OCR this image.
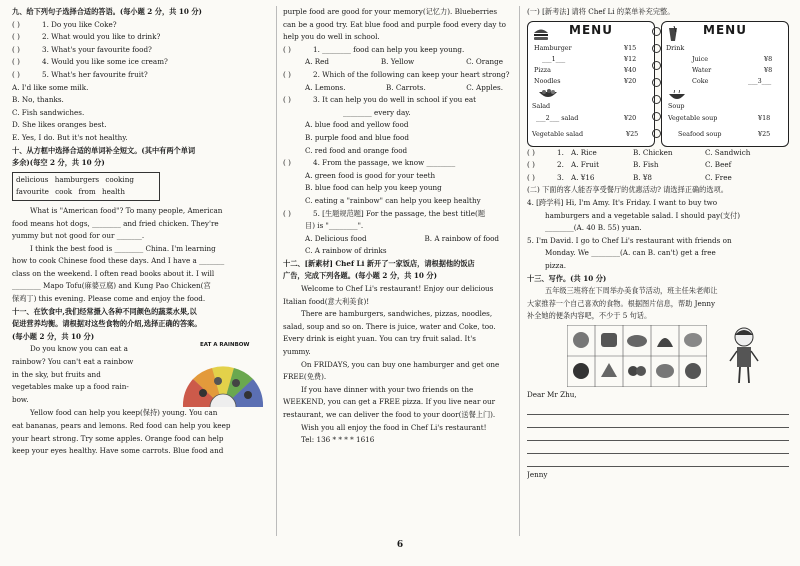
九、给下列句子选择合适的答语。(每小题 2 分，共 10 分)
( )	1. Do you like Coke?
( )	2. What would you like to drink?
( )	3. What's your favourite food?
( )	4. Would you like some ice cream?
( )	5. What's her favourite fruit?
A. I'd like some milk.
B. No, thanks.
C. Fish sandwiches.
D. She likes oranges best.
E. Yes, I do. But it's not healthy.
十、从方框中选择合适的单词补全短文。(其中有两个单词
多余)(每空 2 分，共 10 分)
delicious hamburgers cooking
favourite cook from health
What is "American food"? To many people, American
food means hot dogs, ________ and fried chicken. They're
yummy but not good for our _______.
I think the best food is ________ China. I'm learning
how to cook Chinese food these days. And I have a _______
class on the weekend. I often read books about it. I will
________ Mapo Tofu(麻婆豆腐) and Kung Pao Chicken(宫
保鸡丁) this evening. Please come and enjoy the food.
十一、在饮食中,我们经常摄入各种不同颜色的蔬菜水果,以
促进营养均衡。请根据对这些食物的介绍,选择正确的答案。
(每小题 2 分，共 10 分)
Do you know you can eat a
rainbow? You can't eat a rainbow
in the sky, but fruits and
vegetables make up a food rain-
bow.
EAT A RAINBOW
Yellow food can help you keep(保持) young. You can
eat bananas, pears and lemons. Red food can help you keep
your heart strong. Try some apples. Orange food can help
keep your eyes healthy. Have some carrots. Blue food and
purple food are good for your memory(记忆力). Blueberries
can be a good try. Eat blue food and purple food every day to
help you do well in school.
( )	1. ________ food can help you keep young.
A. Red	B. Yellow	C. Orange
( )	2. Which of the following can keep your heart strong?
A. Lemons.	B. Carrots.	C. Apples.
( )	3. It can help you do well in school if you eat
________ every day.
A. blue food and yellow food
B. purple food and blue food
C. red food and orange food
( )	4. From the passage, we know ________
A. green food is good for your teeth
B. blue food can help you keep young
C. eating a "rainbow" can help you keep healthy
( )	5. [生题规范题] For the passage, the best title(题
目) is "________".
A. Delicious food	B. A rainbow of food
C. A rainbow of drinks
十二、[新素材] Chef Li 新开了一家饭店，请根据他的饭店
广告，完成下列各题。(每小题 2 分，共 10 分)
Welcome to Chef Li's restaurant! Enjoy our delicious
Italian food(意大利美食)!
There are hamburgers, sandwiches, pizzas, noodles,
salad, soup and so on. There is juice, water and Coke, too.
Every drink is eight yuan. You can try fruit salad. It's
yummy.
On FRIDAYS, you can buy one hamburger and get one
FREE(免费).
If you have dinner with your two friends on the
WEEKEND, you can get a FREE pizza. If you live near our
restaurant, we can deliver the food to your door(送餐上门).
Wish you all enjoy the food in Chef Li's restaurant!
Tel: 136 * * * * 1616
(一) [新考法] 请将 Chef Li 的菜单补充完整。
MENU
Hamburger	¥15
___1___	¥12
Pizza	¥40
Noodles	¥20
Salad
___2___ salad	¥20
Vegetable salad	¥25
MENU
Drink
Juice	¥8
Water	¥8
Coke	___3___
Soup
Vegetable soup	¥18
Seafood soup	¥25
( )	1. A. Rice	B. Chicken	C. Sandwich
( )	2. A. Fruit	B. Fish	C. Beef
( )	3. A. ¥16	B. ¥8	C. Free
(二) 下面的客人能否享受餐厅的优惠活动? 请选择正确的选项。
4. [跨学科] Hi, I'm Amy. It's Friday. I want to buy two
hamburgers and a vegetable salad. I should pay(支付)
________(A. 40 B. 55) yuan.
5. I'm David. I go to Chef Li's restaurant with friends on
Monday. We ________(A. can B. can't) get a free
pizza.
十三、写作。(共 10 分)
五年级三班将在下周举办美食节活动，班主任朱老师让
大家推荐一个自己喜欢的食物。根据图片信息，帮助 Jenny
补全她的便条内容吧，不少于 5 句话。
Dear Mr Zhu,
Jenny
6
